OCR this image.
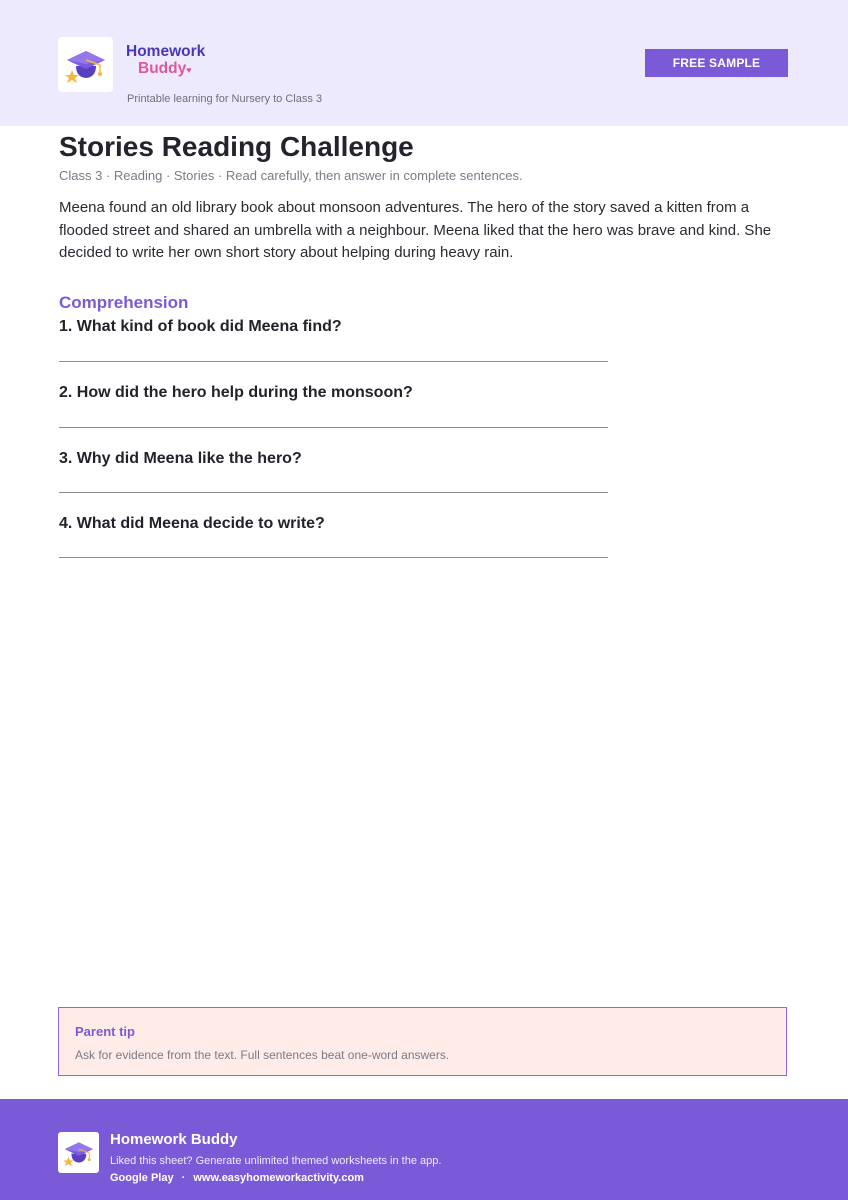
Homework
Buddy♥
Printable learning for Nursery to Class 3
FREE SAMPLE
Stories Reading Challenge
Class 3 · Reading · Stories · Read carefully, then answer in complete sentences.

Meena found an old library book about monsoon adventures. The hero of the story saved a kitten from a flooded street and shared an umbrella with a neighbour. Meena liked that the hero was brave and kind. She decided to write her own short story about helping during heavy rain.

Comprehension
1. What kind of book did Meena find?
2. How did the hero help during the monsoon?
3. Why did Meena like the hero?
4. What did Meena decide to write?
Parent tip
Ask for evidence from the text. Full sentences beat one-word answers.
Homework Buddy
Liked this sheet? Generate unlimited themed worksheets in the app.
Google Play · www.easyhomeworkactivity.com
